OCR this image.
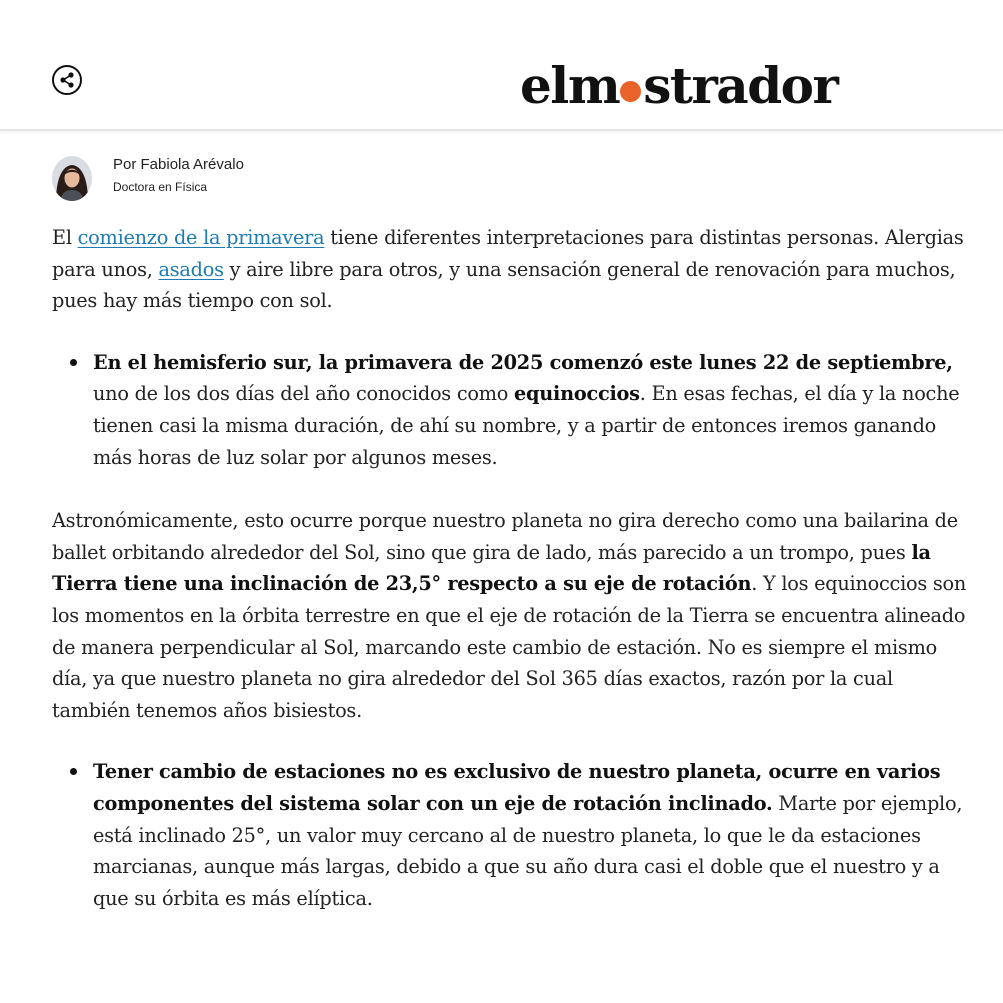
elm strador
Por Fabiola Arévalo
Doctora en Física

El comienzo de la primavera tiene diferentes interpretaciones para distintas personas. Alergias para unos, asados y aire libre para otros, y una sensación general de renovación para muchos, pues hay más tiempo con sol.

En el hemisferio sur, la primavera de 2025 comenzó este lunes 22 de septiembre, uno de los dos días del año conocidos como equinoccios. En esas fechas, el día y la noche tienen casi la misma duración, de ahí su nombre, y a partir de entonces iremos ganando más horas de luz solar por algunos meses.

Astronómicamente, esto ocurre porque nuestro planeta no gira derecho como una bailarina de ballet orbitando alrededor del Sol, sino que gira de lado, más parecido a un trompo, pues la Tierra tiene una inclinación de 23,5° respecto a su eje de rotación. Y los equinoccios son los momentos en la órbita terrestre en que el eje de rotación de la Tierra se encuentra alineado de manera perpendicular al Sol, marcando este cambio de estación. No es siempre el mismo día, ya que nuestro planeta no gira alrededor del Sol 365 días exactos, razón por la cual también tenemos años bisiestos.

Tener cambio de estaciones no es exclusivo de nuestro planeta, ocurre en varios componentes del sistema solar con un eje de rotación inclinado. Marte por ejemplo, está inclinado 25°, un valor muy cercano al de nuestro planeta, lo que le da estaciones marcianas, aunque más largas, debido a que su año dura casi el doble que el nuestro y a que su órbita es más elíptica.
